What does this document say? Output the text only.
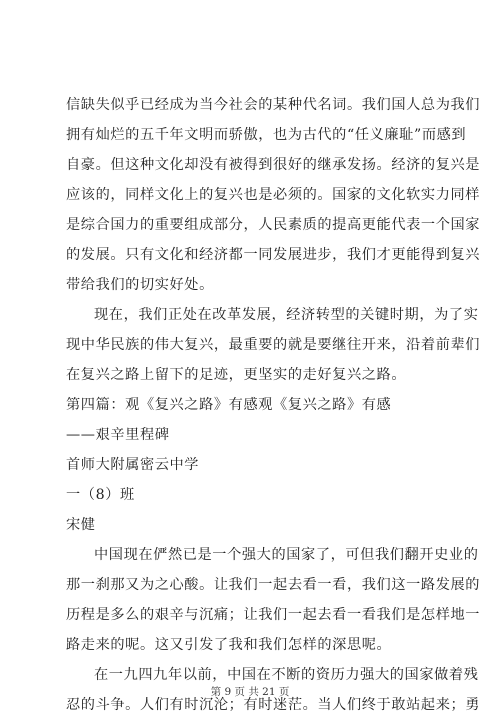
信缺失似乎已经成为当今社会的某种代名词。我们国人总为我们
拥有灿烂的五千年文明而骄傲，也为古代的“任义廉耻”而感到
自豪。但这种文化却没有被得到很好的继承发扬。经济的复兴是
应该的，同样文化上的复兴也是必须的。国家的文化软实力同样
是综合国力的重要组成部分，人民素质的提高更能代表一个国家
的发展。只有文化和经济都一同发展进步，我们才更能得到复兴
带给我们的切实好处。
现在，我们正处在改革发展，经济转型的关键时期，为了实
现中华民族的伟大复兴，最重要的就是要继往开来，沿着前辈们
在复兴之路上留下的足迹，更坚实的走好复兴之路。
第四篇：观《复兴之路》有感观《复兴之路》有感
——艰辛里程碑
首师大附属密云中学
一（8）班
宋健
中国现在俨然已是一个强大的国家了，可但我们翻开史业的
那一刹那又为之心酸。让我们一起去看一看，我们这一路发展的
历程是多么的艰辛与沉痛；让我们一起去看一看我们是怎样地一
路走来的呢。这又引发了我和我们怎样的深思呢。
在一九四九年以前，中国在不断的资历力强大的国家做着残
忍的斗争。人们有时沉沦；有时迷茫。当人们终于敢站起来；勇
第 9 页 共 21 页
